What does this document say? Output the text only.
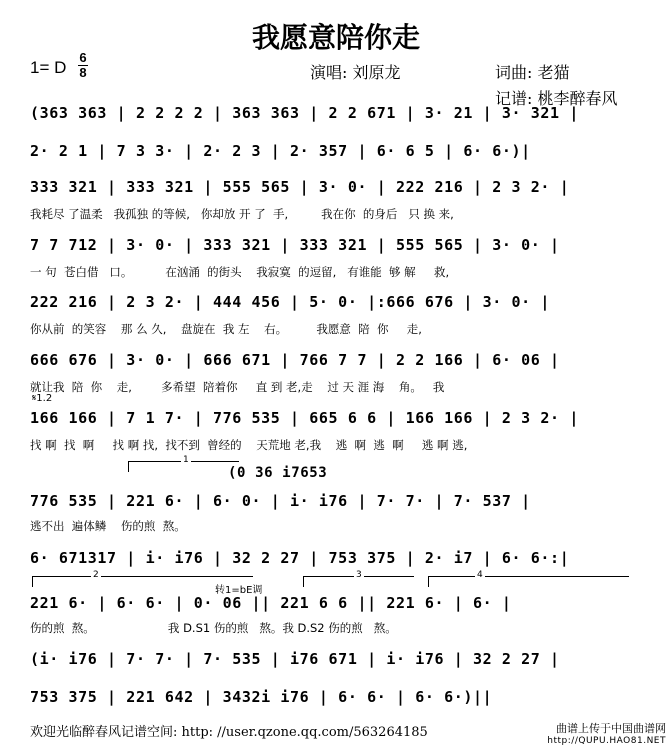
我愿意陪你走
1= D
6
8	演唱: 刘原龙	词曲: 老猫
记谱: 桃李醉春风
(363 363 | 2 2 2 2 | 363 363 | 2 2 671 | 3· 21 | 3· 321 |
2· 2 1 | 7 3 3· | 2· 2 3 | 2· 357 | 6· 6 5 | 6· 6·)|
333 321 | 333 321 | 555 565 | 3· 0· | 222 216 | 2 3 2· |
我耗尽 了温柔   我孤独 的等候,   你却放 开 了  手,         我在你  的身后   只 换 来,
7 7 712 | 3· 0· | 333 321 | 333 321 | 555 565 | 3· 0· |
一 句  苍白借   口。         在汹涌  的街头    我寂寞  的逗留,   有谁能  够 解     救,
222 216 | 2 3 2· | 444 456 | 5· 0· |:666 676 | 3· 0· |
你从前  的笑容    那 么 久,    盘旋在  我 左    右。        我愿意  陪  你     走,
666 676 | 3· 0· | 666 671 | 766 7 7 | 2 2 166 | 6· 06 |
就让我  陪  你    走,        多希望  陪着你     直 到 老,走    过 天 涯 海    角。   我
𝄋1.2
166 166 | 7 1 7· | 776 535 | 665 6 6 | 166 166 | 2 3 2· |
找 啊  找  啊     找 啊 找,  找不到  曾经的    天荒地 老,我    逃  啊  逃  啊     逃 啊 逃,
1
(0 36 i7653
776 535 | 221 6· | 6· 0· | i· i76 | 7· 7· | 7· 537 |
逃不出  遍体鳞    伤的煎  熬。
6· 671317 | i· i76 | 32 2 27 | 753 375 | 2· i7 | 6· 6·:|
2	3	4
转1=bE调
221 6· | 6· 6· | 0· 06 || 221 6 6 || 221 6· | 6· |
伤的煎  熬。                    我 D.S1 伤的煎   熬。我 D.S2 伤的煎   熬。
(i· i76 | 7· 7· | 7· 535 | i76 671 | i· i76 | 32 2 27 |
753 375 | 221 642 | 3432i i76 | 6· 6· | 6· 6·)||
欢迎光临醉春风记谱空间: http: //user.qzone.qq.com/563264185	曲谱上传于中国曲谱网
http://QUPU.HAO81.NET
